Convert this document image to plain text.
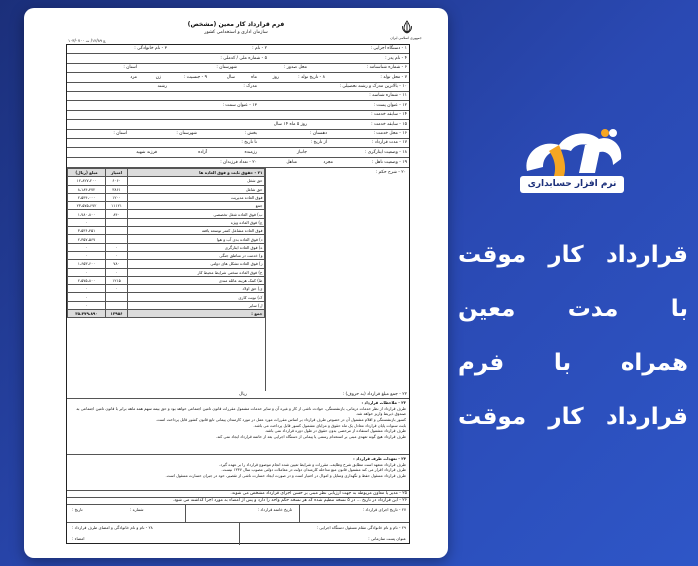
جمهوری اسلامی ایران
فرم قرارداد کار معین (مشخص)
سازمان اداری و استخدامی کشور
ع ۱۲/۸۹/ ت ۱۰۳/۰۷۰۰
۱ - دستگاه اجرایی :
۲ - نام :
۳ - نام خانوادگی :
۴ - نام پدر :
۵ - شماره ملی / کدملی :
۶ - شماره شناسنامه :
محل صدور :
شهرستان :
استان :
۷ - محل تولد :
۸ - تاریخ تولد :
روز
ماه
سال
۹ - جنسیت :
زن
مرد
۱۰ - بالاترین مدرک و رشته تحصیلی :
مدرک :
رشته
۱۱ - شماره شناسه :
۱۲ - عنوان پست :
۱۳ - عنوان سمت :
۱۴ - سابقه خدمت :
۱۵ - سابقه خدمت :
روز ۵ ماه ۱۴ سال
۱۶ - محل خدمت :
دهستان :
بخش :
شهرستان :
استان :
۱۷ - مدت قرارداد :
از تاریخ :
تا تاریخ :
۱۸ - وضعیت ایثارگری :
جانباز
رزمنده
آزاده
فرزند شهید
۱۹ - وضعیت تاهل :
مجرد
متاهل
۲۰ - تعداد فرزندان :
۲۰ - شرح حکم :
۲۱ - حقوق ثابت و فوق العاده ها	امتیاز	مبلغ (ریال)
حق شغل	۶۰۶۰	۱۲،۸۲۷،۲۰۰
حق شاغل	۳۸۶۱	۸،۱۸۴،۴۷۲
فوق العاده مدیریت	۱۲۰۰	۲،۵۴۴،۰۰۰
جمع	۱۱۱۲۱	۲۳،۵۷۵،۶۷۲
ب) فوق العاده شغل تخصصی	۸۴۰	۱،۷۸۰،۸۰۰
ج) فوق العاده ویژه		۰
فوق العاده مشاغل کمتر توسعه یافته		۳،۵۳۶،۴۵۱
د) فوق العاده بدی آب و هوا		۲،۳۵۷،۵۶۷
ه) فوق العاده ایثارگری	۰	۰
و) خدمت در مناطق جنگی	۰	۰
ز) فوق العاده تشکل های دولتی	۷۸۰	۱،۶۵۳،۶۰۰
ح) فوق العاده سختی شرایط محیط کار	۰	۰
ط) کمک هزینه عائله مندی	۱۲۱۵	۲،۵۷۵،۸۰۰
ی) حق اولاد	۰	۰
ک) نوبت کاری		۰
ل) سایر		۰
جمع :	۱۳۹۵۶	۳۵،۴۷۹،۸۹۰
۲۲ - جمع مبلغ قرارداد (به حروف) :
ریال
۲۳ - ملاحظات قرارداد :
طرف قرارداد از نظر خدمات درمانی، بازنشستگی، حوادث ناشی از کار و غیره آن و سایر خدمات مشمول مقررات قانون تامین اجتماعی خواهد بود و حق بیمه سهم همه ماهه برابر با قانون تامین اجتماعی به صندوق ذیربط واریز خواهد شد.
کسور بازنشستگی و اقلام مشمول آن در خصوص طرف قرارداد بر اساس مقررات مورد عمل در مورد کارمندان پیمانی تابع قانون کشور قابل پرداخت است.
بابت سنوات پایان قرارداد معادل یک ماه حقوق و مزایای مشمول کسور قابل پرداخت می باشد.
طرف قرارداد مشمول استفاده از مرخصی بدون حقوق در طول دوره قرارداد نمی باشد.
طرف قرارداد هیچ گونه تعهدی مبنی بر استخدام رسمی یا پیمانی از دستگاه اجرایی بعد از خاتمه قرارداد ایجاد نمی کند.
۲۴ - تعهدات طرف قرارداد :
طرف قرارداد متعهد است مطابق شرح وظایف، مقررات و شرایط تعیین شده انجام موضوع قرارداد را بر عهده گیرد.
طرف قرارداد اقرار می کند مشمول قانون منع مداخله کارمندان دولت در معاملات دولتی مصوب سال ۱۳۳۷ نیست.
طرف قرارداد مسئول حفظ و نگهداری وسایل و اموال در اختیار است و در صورت ایجاد خسارت ناشی از تقصیر، خود در جبران خسارت مسئول است.
۲۵ - مدیر یا معاون مربوطه به جهت ارزیابی نظر مبنی بر حسن اجرای قرارداد مشخص می شوند.
۲۶ - این قرارداد در تاریخ ... در ۵ نسخه تنظیم شده که هر نسخه حکم واحد را دارد و پس از امضاء به مورد اجرا گذاشته می شود.
۲۷ - تاریخ اجرای قرارداد :
تاریخ خاتمه قرارداد :
تاریخ :	شماره :
۲۹ - نام و نام خانوادگی مقام مسئول دستگاه اجرایی :
عنوان پست سازمانی :
۲۸ - نام و نام خانوادگی و امضای طرف قرارداد :
امضاء :
نرم افزار حسابداری
قرارداد کار موقت
با مدت معین
همراه با فرم
قرارداد کار موقت
